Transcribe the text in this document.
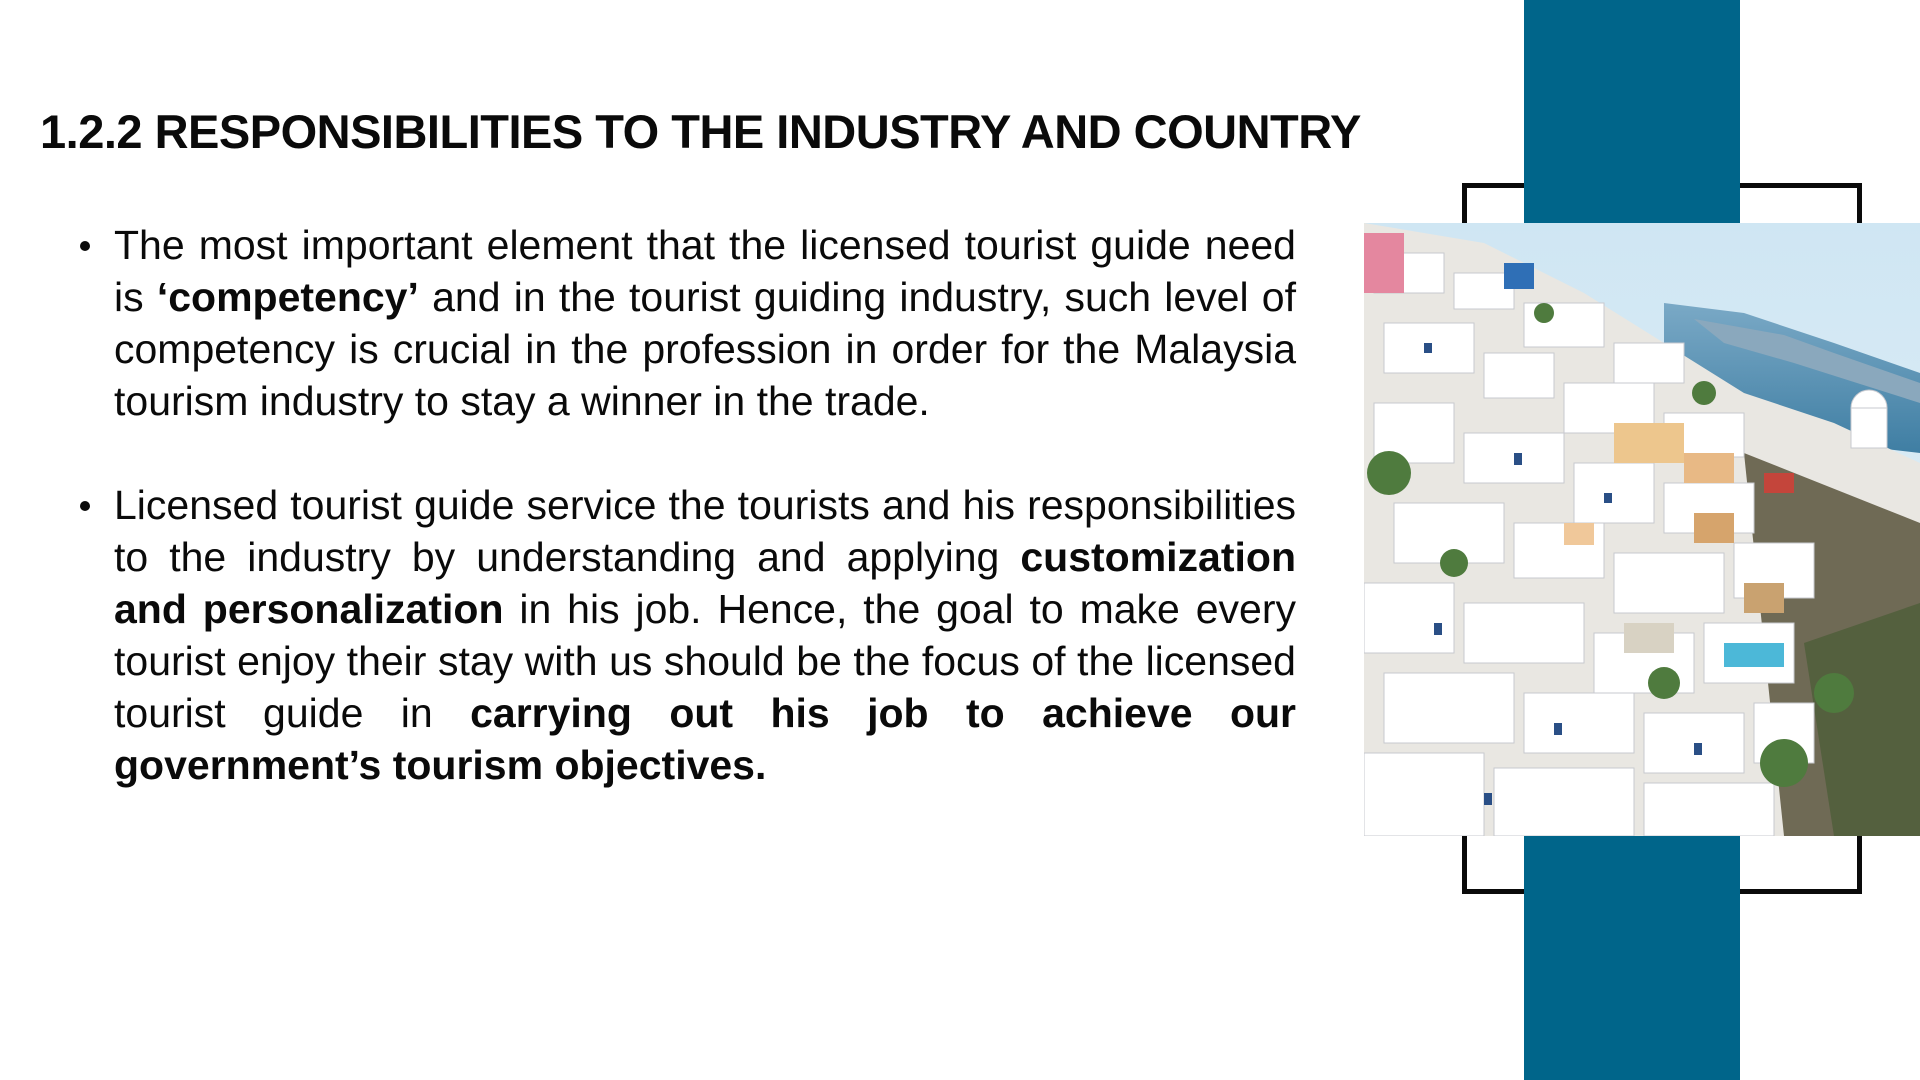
1.2.2 RESPONSIBILITIES TO THE INDUSTRY AND COUNTRY
The most important element that the licensed tourist guide need is ‘competency’ and in the tourist guiding industry, such level of competency is crucial in the profession in order for the Malaysia tourism industry to stay a winner in the trade.
Licensed tourist guide service the tourists and his responsibilities to the industry by understanding and applying customization and personalization in his job. Hence, the goal to make every tourist enjoy their stay with us should be the focus of the licensed tourist guide in carrying out his job to achieve our government’s tourism objectives.
